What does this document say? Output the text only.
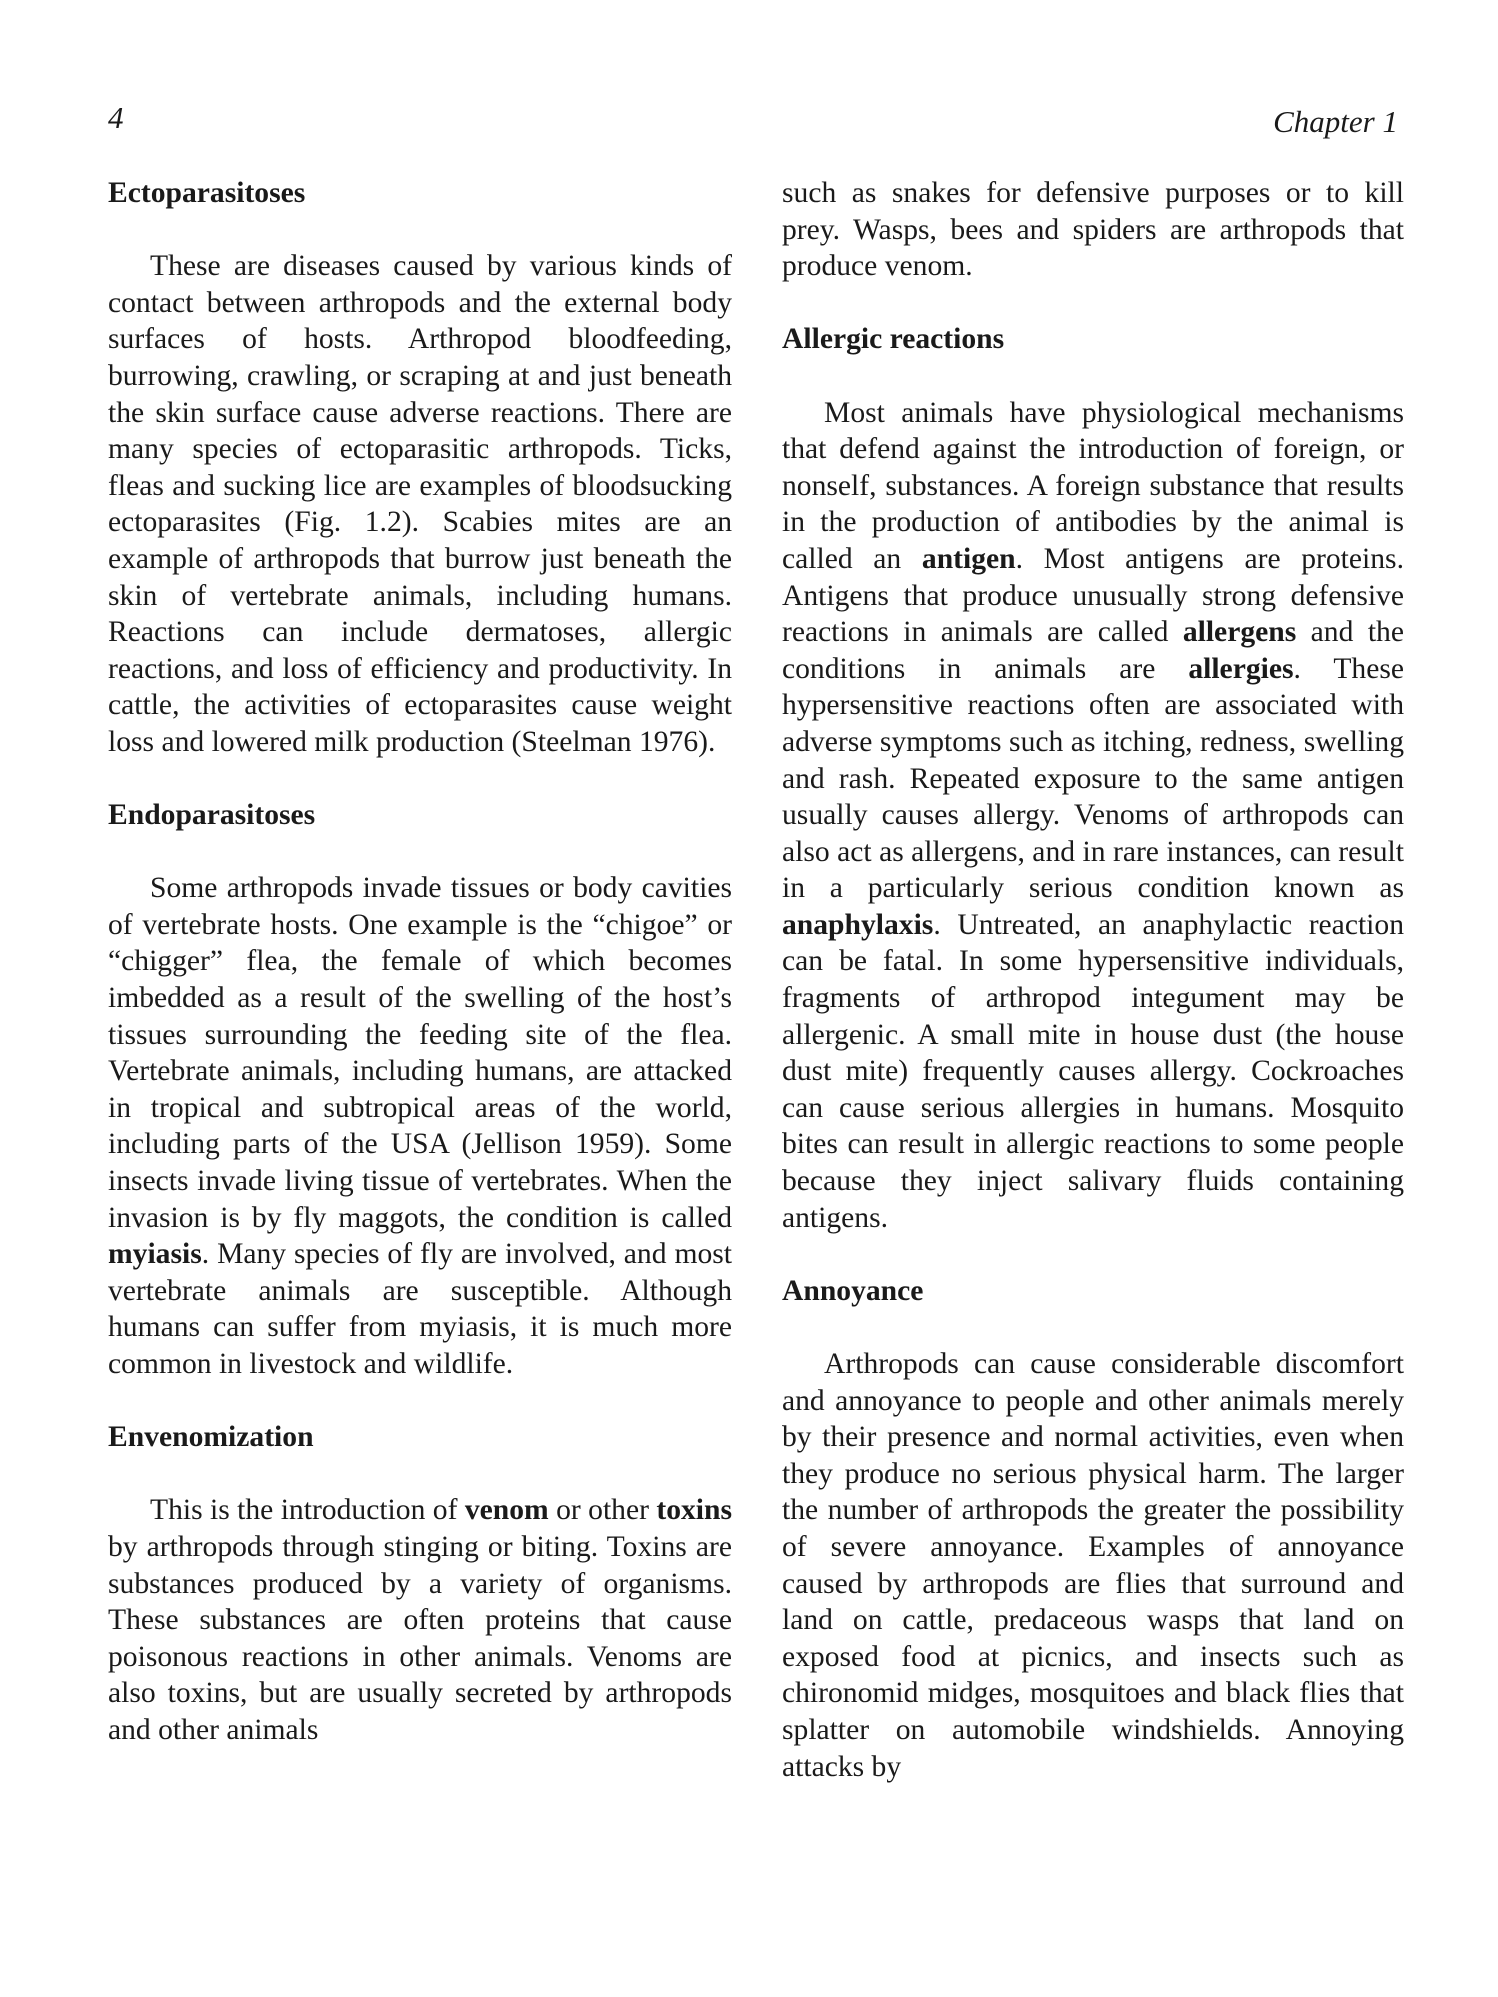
4	Chapter 1
Ectoparasitoses

These are diseases caused by various kinds of contact between arthropods and the external body surfaces of hosts. Arthropod bloodfeeding, burrowing, crawling, or scraping at and just beneath the skin surface cause adverse reactions. There are many species of ectoparasitic arthropods. Ticks, fleas and sucking lice are examples of bloodsucking ectoparasites (Fig. 1.2). Scabies mites are an example of arthropods that burrow just beneath the skin of vertebrate animals, including humans. Reactions can include dermatoses, allergic reactions, and loss of efficiency and productivity. In cattle, the activities of ectoparasites cause weight loss and lowered milk production (Steelman 1976).

Endoparasitoses

Some arthropods invade tissues or body cavities of vertebrate hosts. One example is the “chigoe” or “chigger” flea, the female of which becomes imbedded as a result of the swelling of the host’s tissues surrounding the feeding site of the flea. Vertebrate animals, including humans, are attacked in tropical and subtropical areas of the world, including parts of the USA (Jellison 1959). Some insects invade living tissue of vertebrates. When the invasion is by fly maggots, the condition is called myiasis. Many species of fly are involved, and most vertebrate animals are susceptible. Although humans can suffer from myiasis, it is much more common in livestock and wildlife.

Envenomization

This is the introduction of venom or other toxins by arthropods through stinging or biting. Toxins are substances produced by a variety of organisms. These substances are often proteins that cause poisonous reactions in other animals. Venoms are also toxins, but are usually secreted by arthropods and other animals

such as snakes for defensive purposes or to kill prey. Wasps, bees and spiders are arthropods that produce venom.

Allergic reactions

Most animals have physiological mechanisms that defend against the introduction of foreign, or nonself, substances. A foreign substance that results in the production of antibodies by the animal is called an antigen. Most antigens are proteins. Antigens that produce unusually strong defensive reactions in animals are called allergens and the conditions in animals are allergies. These hypersensitive reactions often are associated with adverse symptoms such as itching, redness, swelling and rash. Repeated exposure to the same antigen usually causes allergy. Venoms of arthropods can also act as allergens, and in rare instances, can result in a particularly serious condition known as anaphylaxis. Untreated, an anaphylactic reaction can be fatal. In some hypersensitive individuals, fragments of arthropod integument may be allergenic. A small mite in house dust (the house dust mite) frequently causes allergy. Cockroaches can cause serious allergies in humans. Mosquito bites can result in allergic reactions to some people because they inject salivary fluids containing antigens.

Annoyance

Arthropods can cause considerable discomfort and annoyance to people and other animals merely by their presence and normal activities, even when they produce no serious physical harm. The larger the number of arthropods the greater the possibility of severe annoyance. Examples of annoyance caused by arthropods are flies that surround and land on cattle, predaceous wasps that land on exposed food at picnics, and insects such as chironomid midges, mosquitoes and black flies that splatter on automobile windshields. Annoying attacks by
